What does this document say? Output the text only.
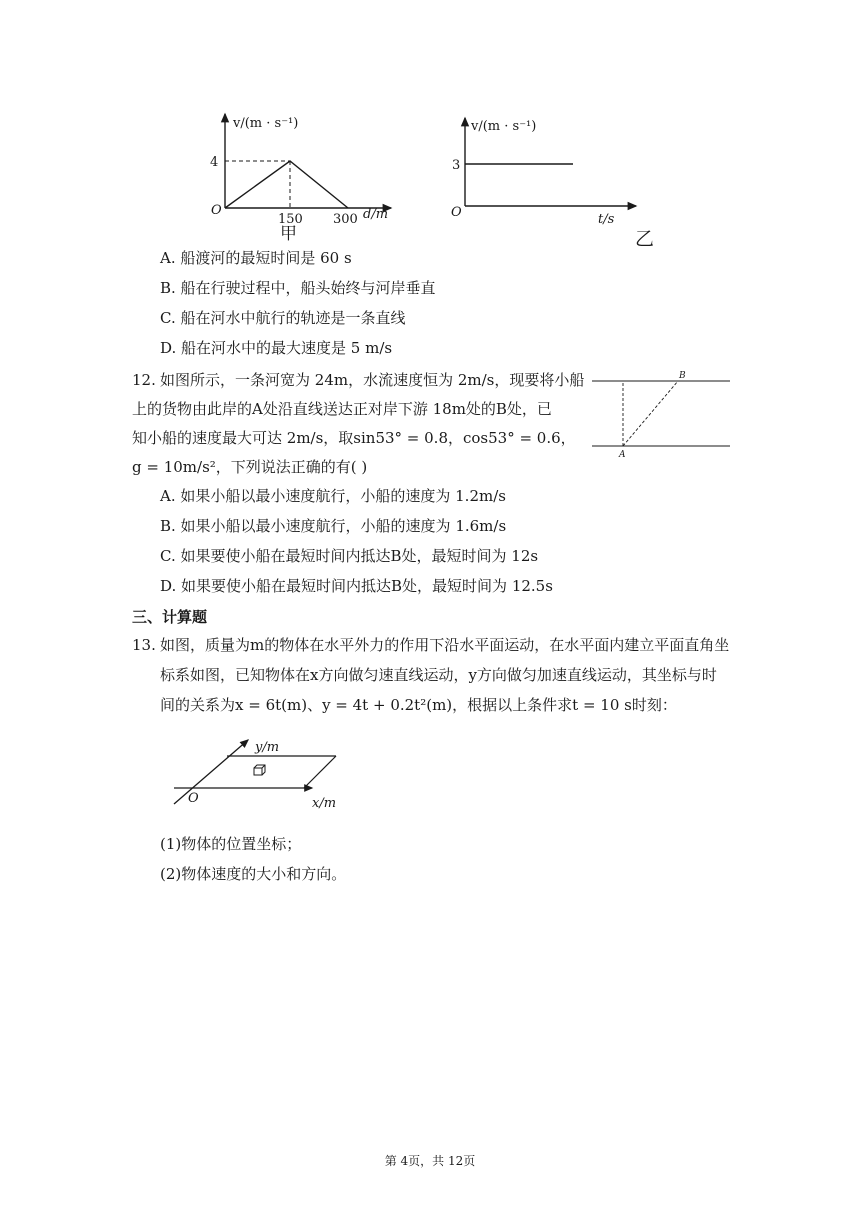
v/(m · s⁻¹)
4
O
150 300 d/m
甲
v/(m · s⁻¹)
3
O	t/s
乙
A. 船渡河的最短时间是 60 s
B. 船在行驶过程中，船头始终与河岸垂直
C. 船在河水中航行的轨迹是一条直线
D. 船在河水中的最大速度是 5 m/s
12. 如图所示，一条河宽为 24m，水流速度恒为 2m/s，现要将小船
上的货物由此岸的A处沿直线送达正对岸下游 18m处的B处，已
知小船的速度最大可达 2m/s，取sin53° = 0.8，cos53° = 0.6，
g = 10m/s²，下列说法正确的有( )
B
A
A. 如果小船以最小速度航行，小船的速度为 1.2m/s
B. 如果小船以最小速度航行，小船的速度为 1.6m/s
C. 如果要使小船在最短时间内抵达B处，最短时间为 12s
D. 如果要使小船在最短时间内抵达B处，最短时间为 12.5s
三、计算题
13. 如图，质量为m的物体在水平外力的作用下沿水平面运动，在水平面内建立平面直角坐
标系如图，已知物体在x方向做匀速直线运动，y方向做匀加速直线运动，其坐标与时
间的关系为x = 6t(m)、y = 4t + 0.2t²(m)，根据以上条件求t = 10 s时刻：
y/m
O	x/m
(1)物体的位置坐标；
(2)物体速度的大小和方向。
第 4页，共 12页
